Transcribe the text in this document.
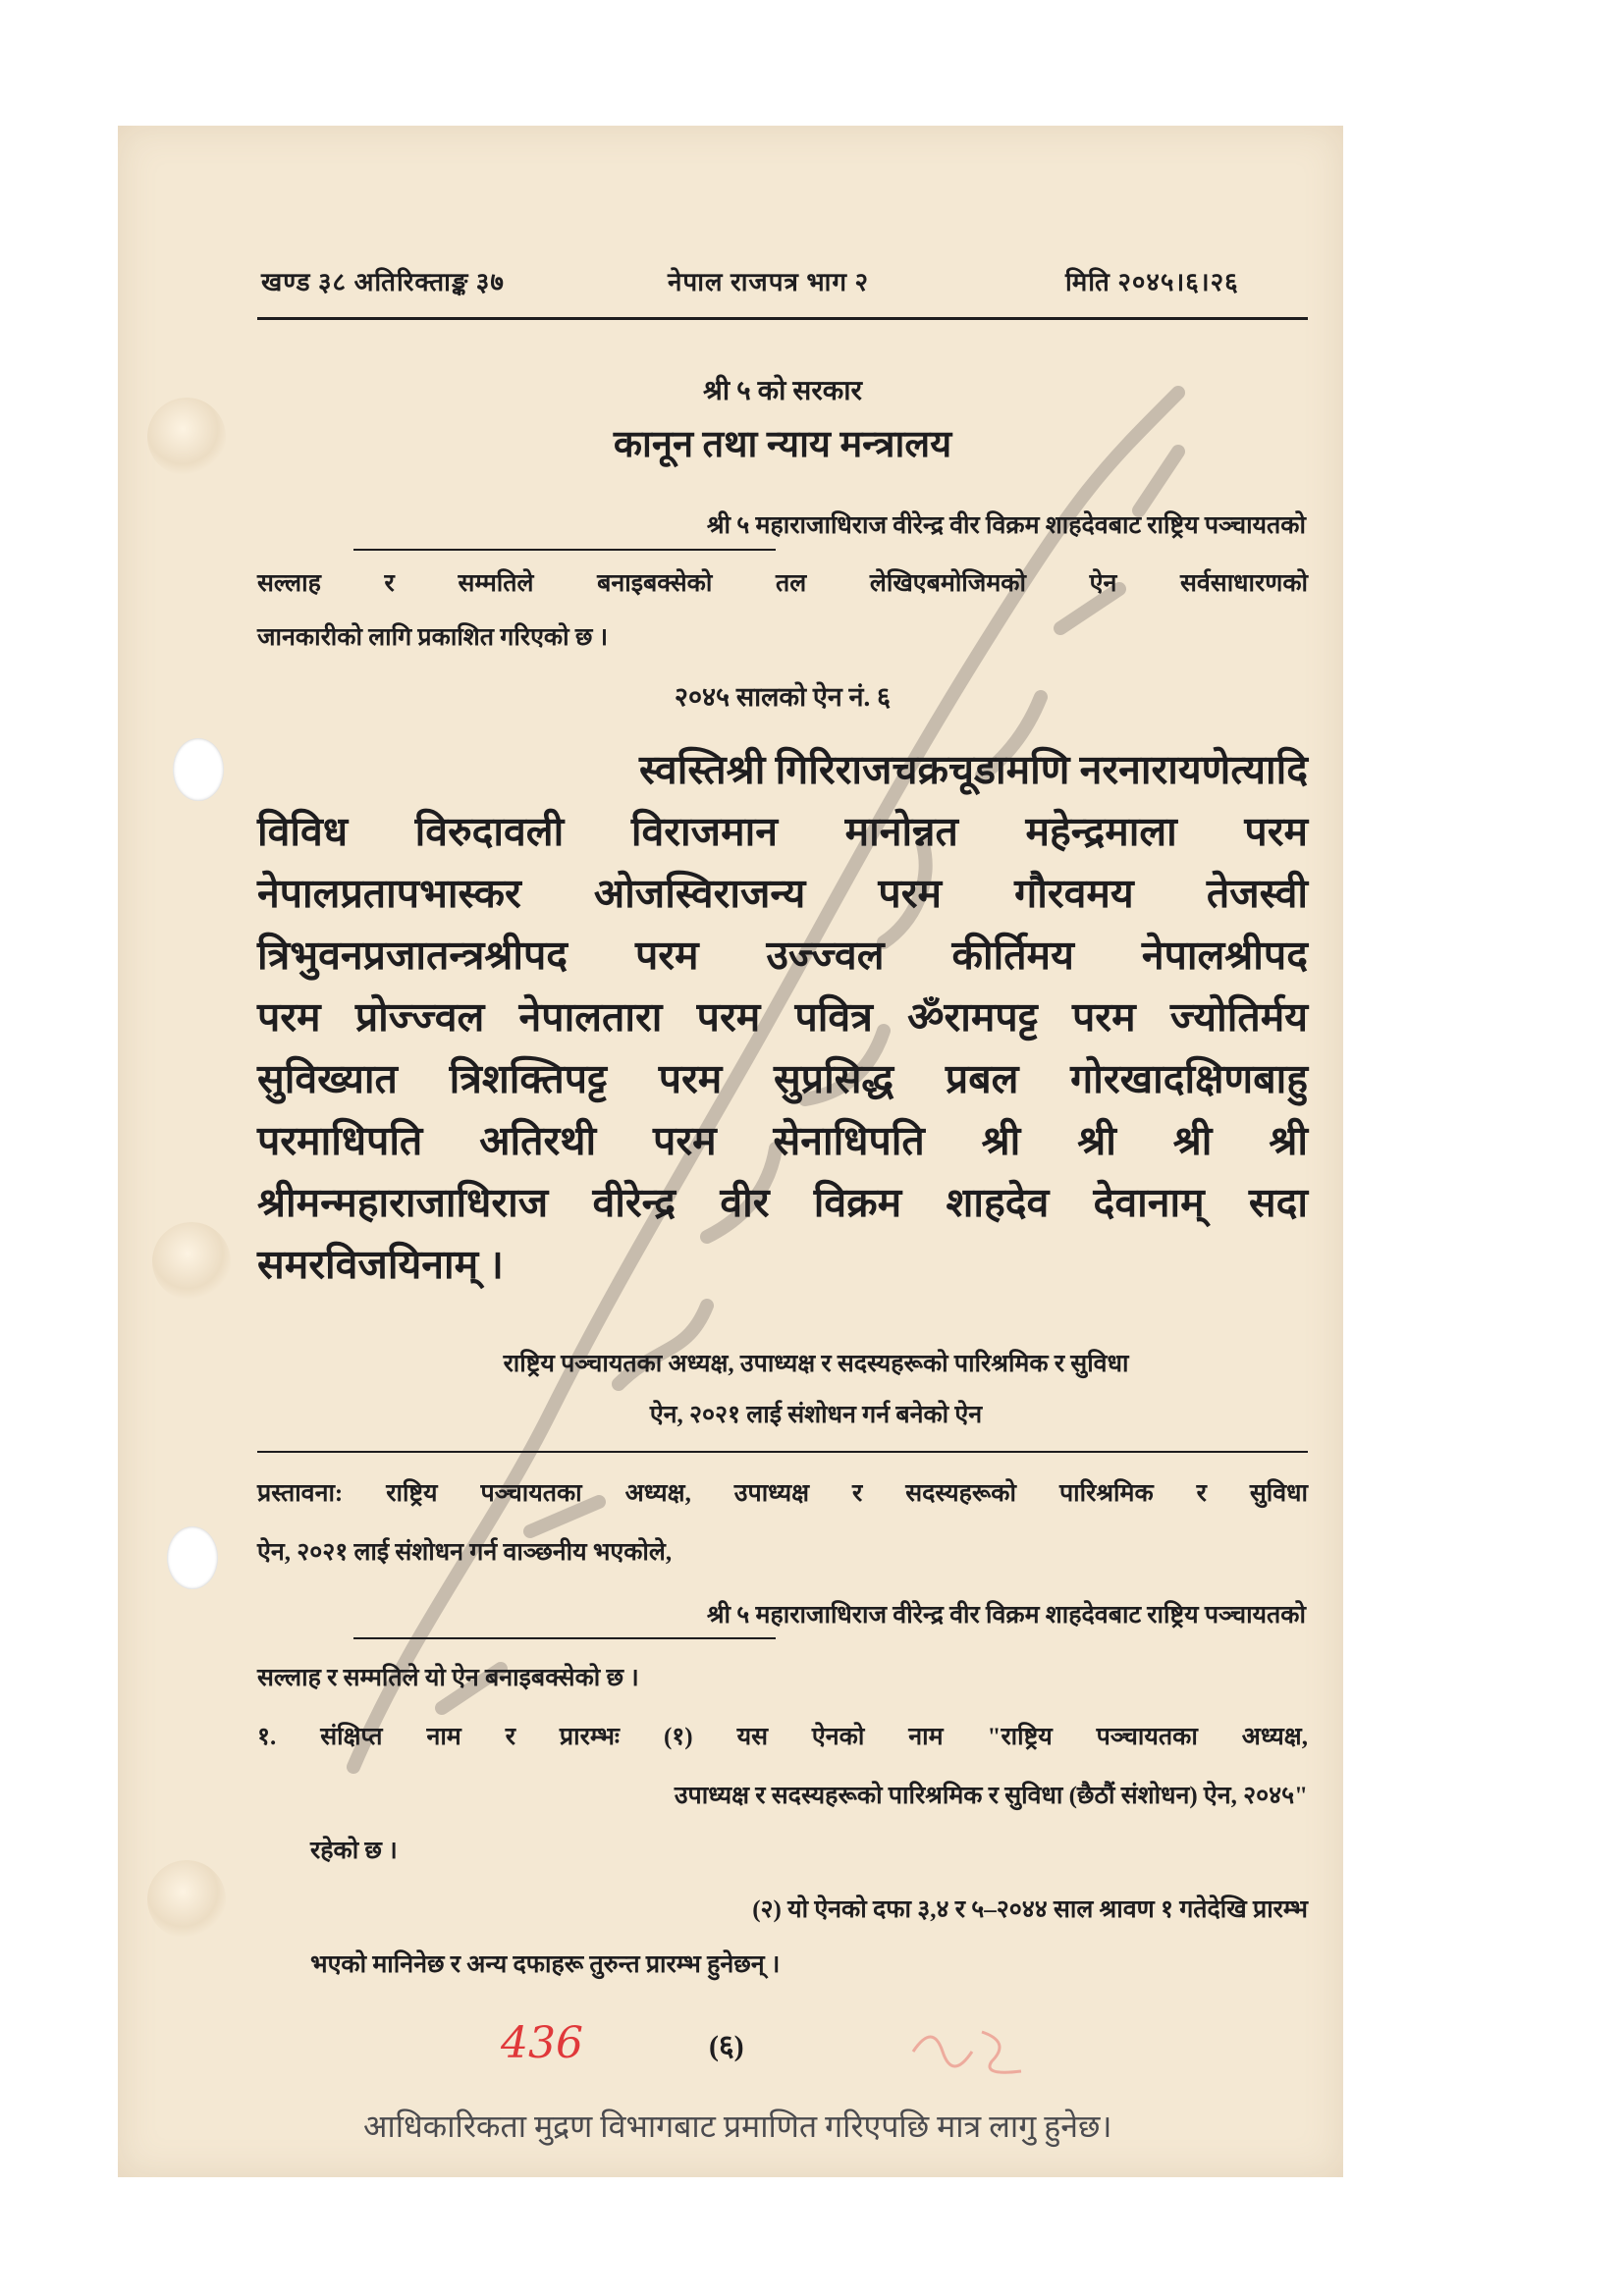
खण्ड ३८ अतिरिक्ताङ्क ३७	नेपाल राजपत्र भाग २	मिति २०४५।६।२६
श्री ५ को सरकार
कानून तथा न्याय मन्त्रालय
श्री ५ महाराजाधिराज वीरेन्द्र वीर विक्रम शाहदेवबाट राष्ट्रिय पञ्चायतको
सल्लाह र सम्मतिले बनाइबक्सेको तल लेखिएबमोजिमको ऐन सर्वसाधारणको
जानकारीको लागि प्रकाशित गरिएको छ ।
२०४५ सालको ऐन नं. ६
स्वस्तिश्री गिरिराजचक्रचूडामणि नरनारायणेत्यादि
विविध विरुदावली विराजमान मानोन्नत महेन्द्रमाला परम
नेपालप्रतापभास्कर ओजस्विराजन्य परम गौरवमय तेजस्वी
त्रिभुवनप्रजातन्त्रश्रीपद परम उज्ज्वल कीर्तिमय नेपालश्रीपद
परम प्रोज्ज्वल नेपालतारा परम पवित्र ॐरामपट्ट परम ज्योतिर्मय
सुविख्यात त्रिशक्तिपट्ट परम सुप्रसिद्ध प्रबल गोरखादक्षिणबाहु
परमाधिपति अतिरथी परम सेनाधिपति श्री श्री श्री श्री
श्रीमन्महाराजाधिराज वीरेन्द्र वीर विक्रम शाहदेव देवानाम् सदा
समरविजयिनाम् ।
राष्ट्रिय पञ्चायतका अध्यक्ष, उपाध्यक्ष र सदस्यहरूको पारिश्रमिक र सुविधा
ऐन, २०२१ लाई संशोधन गर्न बनेको ऐन
प्रस्तावना: राष्ट्रिय पञ्चायतका अध्यक्ष, उपाध्यक्ष र सदस्यहरूको पारिश्रमिक र सुविधा
ऐन, २०२१ लाई संशोधन गर्न वाञ्छनीय भएकोले,
श्री ५ महाराजाधिराज वीरेन्द्र वीर विक्रम शाहदेवबाट राष्ट्रिय पञ्चायतको
सल्लाह र सम्मतिले यो ऐन बनाइबक्सेको छ ।
१. संक्षिप्त नाम र प्रारम्भः (१) यस ऐनको नाम "राष्ट्रिय पञ्चायतका अध्यक्ष,
उपाध्यक्ष र सदस्यहरूको पारिश्रमिक र सुविधा (छैठौं संशोधन) ऐन, २०४५"
रहेको छ ।
(२) यो ऐनको दफा ३,४ र ५–२०४४ साल श्रावण १ गतेदेखि प्रारम्भ
भएको मानिनेछ र अन्य दफाहरू तुरुन्त प्रारम्भ हुनेछन् ।
436	(६)
आधिकारिकता मुद्रण विभागबाट प्रमाणित गरिएपछि मात्र लागु हुनेछ।
